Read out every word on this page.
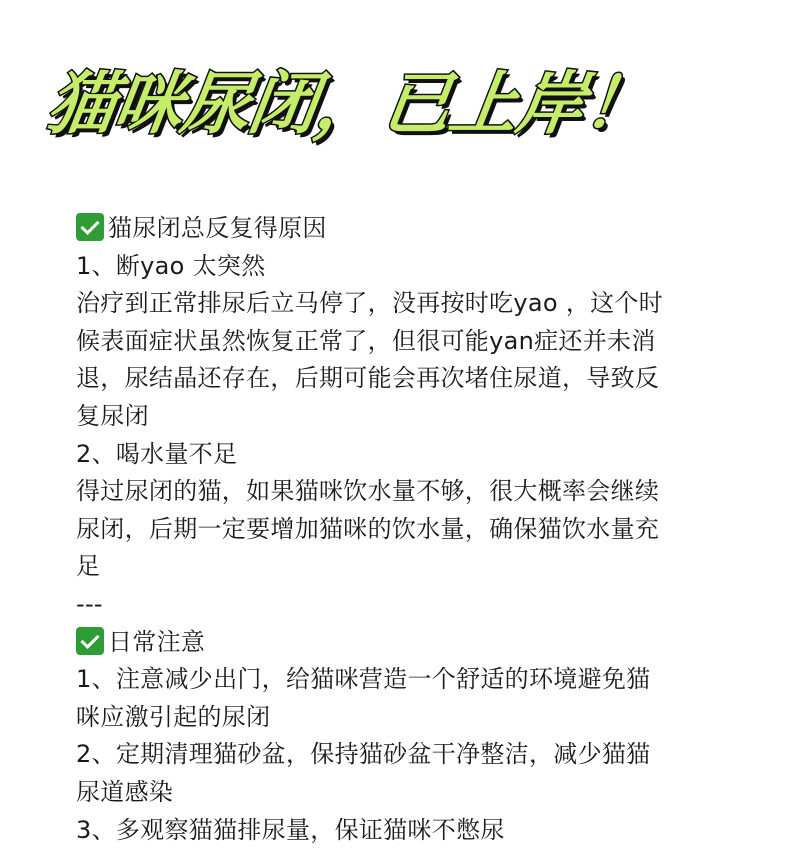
猫咪尿闭，已上岸！
猫尿闭总反复得原因
1、断yao 太突然
治疗到正常排尿后立马停了，没再按时吃yao ，这个时
候表面症状虽然恢复正常了，但很可能yan症还并未消
退，尿结晶还存在，后期可能会再次堵住尿道，导致反
复尿闭
2、喝水量不足
得过尿闭的猫，如果猫咪饮水量不够，很大概率会继续
尿闭，后期一定要增加猫咪的饮水量，确保猫饮水量充
足
---
日常注意
1、注意减少出门，给猫咪营造一个舒适的环境避免猫
咪应激引起的尿闭
2、定期清理猫砂盆，保持猫砂盆干净整洁，减少猫猫
尿道感染
3、多观察猫猫排尿量，保证猫咪不憋尿
